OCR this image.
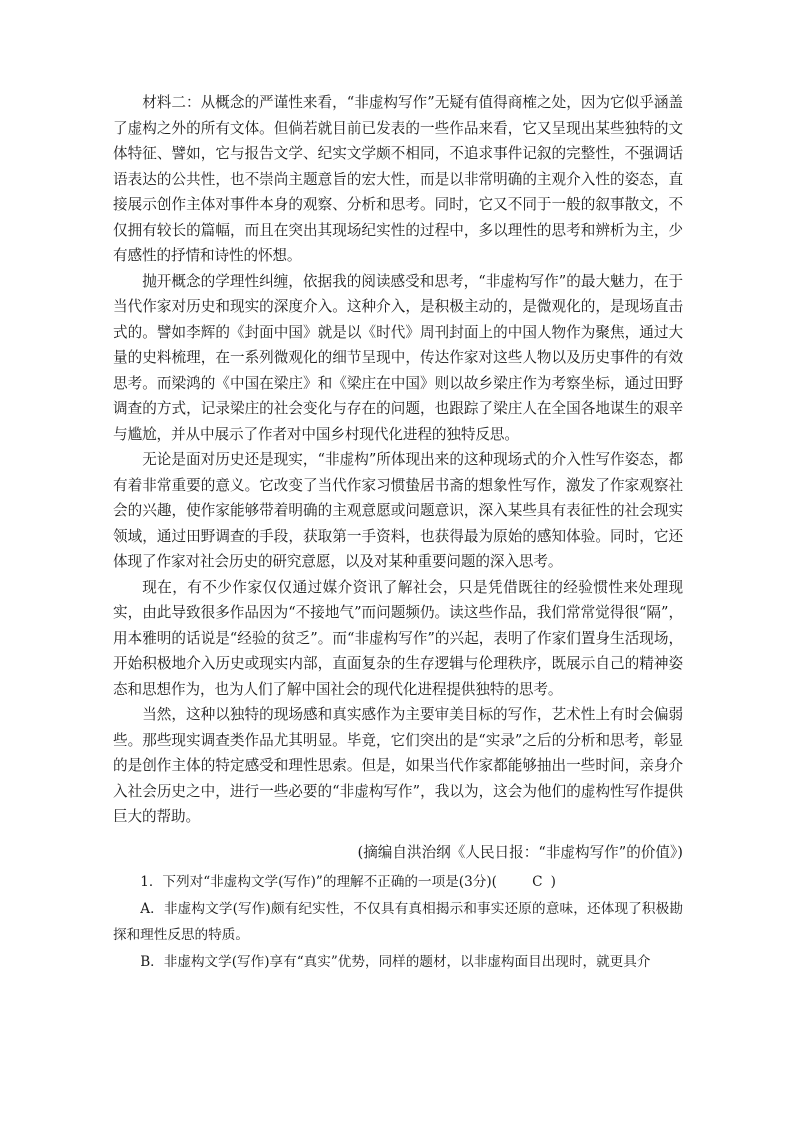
材料二：从概念的严谨性来看，“非虚构写作”无疑有值得商榷之处，因为它似乎涵盖了虚构之外的所有文体。但倘若就目前已发表的一些作品来看，它又呈现出某些独特的文体特征、譬如，它与报告文学、纪实文学颇不相同，不追求事件记叙的完整性，不强调话语表达的公共性，也不崇尚主题意旨的宏大性，而是以非常明确的主观介入性的姿态，直接展示创作主体对事件本身的观察、分析和思考。同时，它又不同于一般的叙事散文，不仅拥有较长的篇幅，而且在突出其现场纪实性的过程中，多以理性的思考和辨析为主，少有感性的抒情和诗性的怀想。

抛开概念的学理性纠缠，依据我的阅读感受和思考，“非虚构写作”的最大魅力，在于当代作家对历史和现实的深度介入。这种介入，是积极主动的，是微观化的，是现场直击式的。譬如李辉的《封面中国》就是以《时代》周刊封面上的中国人物作为聚焦，通过大量的史料梳理，在一系列微观化的细节呈现中，传达作家对这些人物以及历史事件的有效思考。而梁鸿的《中国在梁庄》和《梁庄在中国》则以故乡梁庄作为考察坐标，通过田野调查的方式，记录梁庄的社会变化与存在的问题，也跟踪了梁庄人在全国各地谋生的艰辛与尴尬，并从中展示了作者对中国乡村现代化进程的独特反思。

无论是面对历史还是现实，“非虚构”所体现出来的这种现场式的介入性写作姿态，都有着非常重要的意义。它改变了当代作家习惯蛰居书斋的想象性写作，激发了作家观察社会的兴趣，使作家能够带着明确的主观意愿或问题意识，深入某些具有表征性的社会现实领域，通过田野调查的手段，获取第一手资料，也获得最为原始的感知体验。同时，它还体现了作家对社会历史的研究意愿，以及对某种重要问题的深入思考。

现在，有不少作家仅仅通过媒介资讯了解社会，只是凭借既往的经验惯性来处理现实，由此导致很多作品因为“不接地气”而问题频仍。读这些作品，我们常常觉得很“隔”，用本雅明的话说是“经验的贫乏”。而“非虚构写作”的兴起，表明了作家们置身生活现场，开始积极地介入历史或现实内部，直面复杂的生存逻辑与伦理秩序，既展示自己的精神姿态和思想作为，也为人们了解中国社会的现代化进程提供独特的思考。

当然，这种以独特的现场感和真实感作为主要审美目标的写作，艺术性上有时会偏弱些。那些现实调查类作品尤其明显。毕竟，它们突出的是“实录”之后的分析和思考，彰显的是创作主体的特定感受和理性思索。但是，如果当代作家都能够抽出一些时间，亲身介入社会历史之中，进行一些必要的“非虚构写作”，我以为，这会为他们的虚构性写作提供巨大的帮助。

(摘编自洪治纲《人民日报：“非虚构写作”的价值》)

1．下列对“非虚构文学(写作)”的理解不正确的一项是(3分)(	C )

A．非虚构文学(写作)颇有纪实性，不仅具有真相揭示和事实还原的意味，还体现了积极勘探和理性反思的特质。

B．非虚构文学(写作)享有“真实”优势，同样的题材，以非虚构面目出现时，就更具介
